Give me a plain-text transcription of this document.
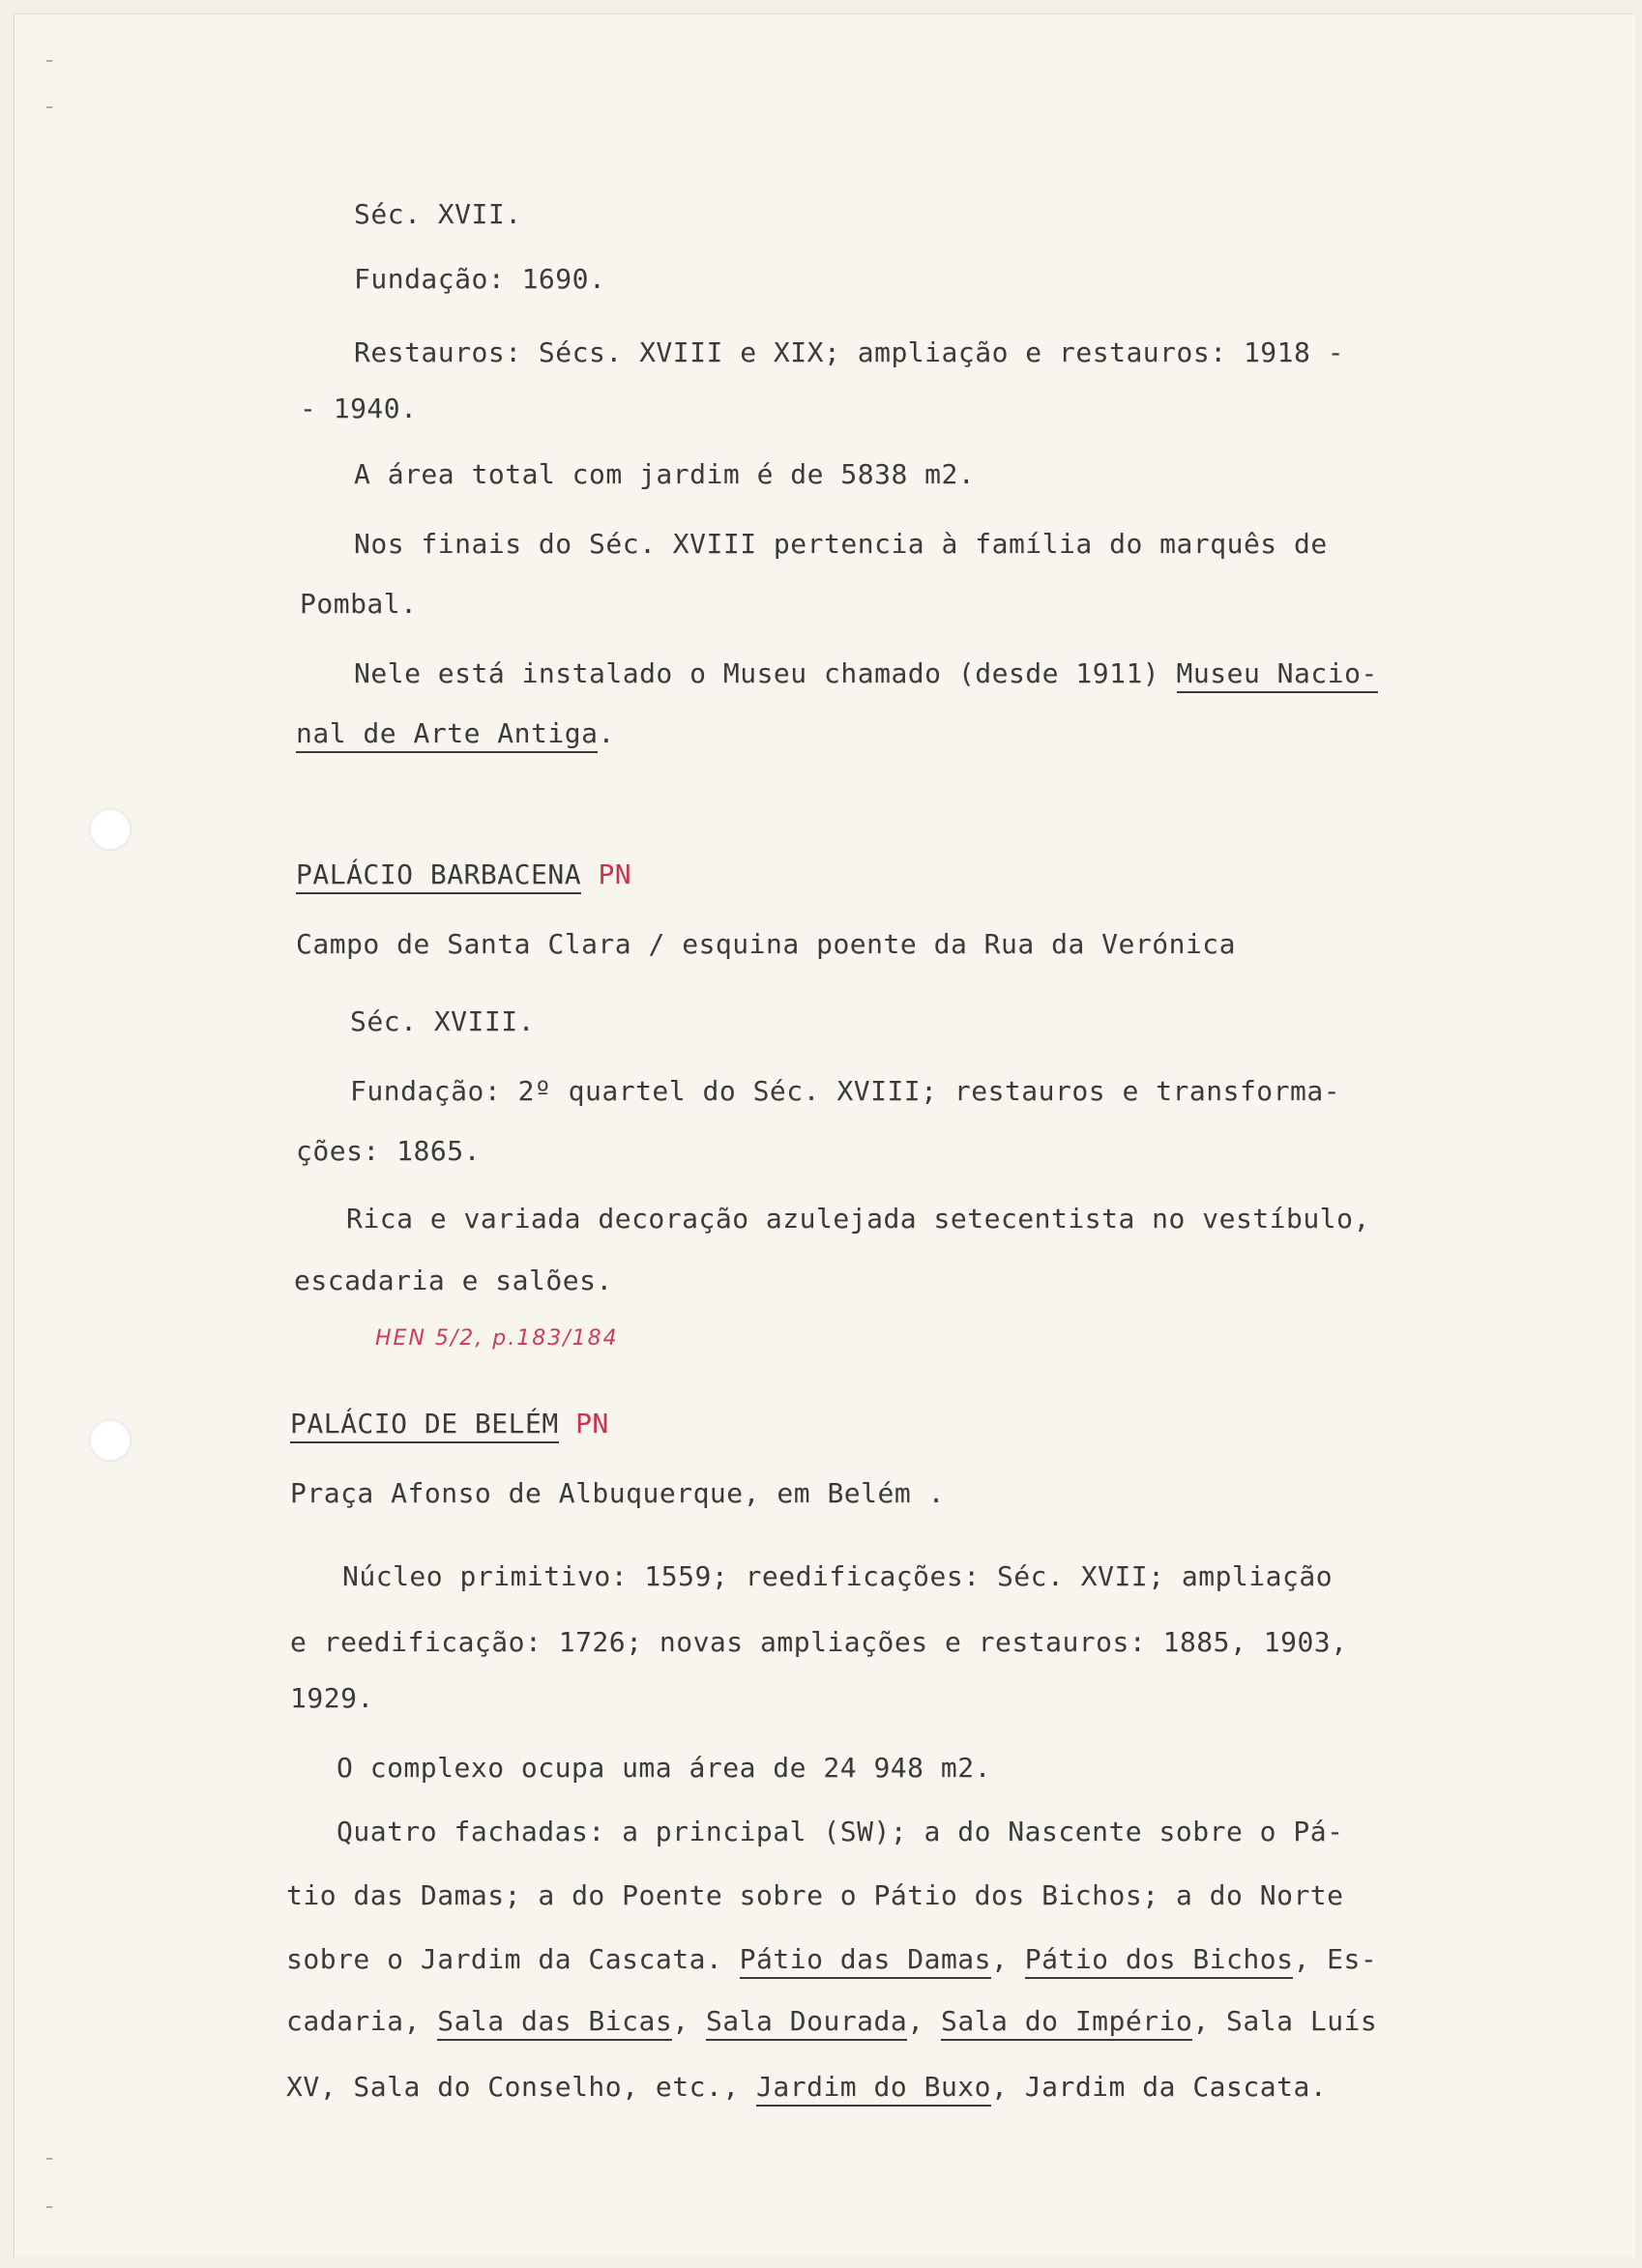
Séc. XVII.
Fundação: 1690.
Restauros: Sécs. XVIII e XIX; ampliação e restauros: 1918 -
- 1940.
A área total com jardim é de 5838 m2.
Nos finais do Séc. XVIII pertencia à família do marquês de
Pombal.
Nele está instalado o Museu chamado (desde 1911) Museu Nacio-
nal de Arte Antiga.
PALÁCIO BARBACENA PN
Campo de Santa Clara / esquina poente da Rua da Verónica
Séc. XVIII.
Fundação: 2º quartel do Séc. XVIII; restauros e transforma-
ções: 1865.
Rica e variada decoração azulejada setecentista no vestíbulo,
escadaria e salões.
HEN 5/2, p.183/184
PALÁCIO DE BELÉM PN
Praça Afonso de Albuquerque, em Belém .
Núcleo primitivo: 1559; reedificações: Séc. XVII; ampliação
e reedificação: 1726; novas ampliações e restauros: 1885, 1903,
1929.
O complexo ocupa uma área de 24 948 m2.
Quatro fachadas: a principal (SW); a do Nascente sobre o Pá-
tio das Damas; a do Poente sobre o Pátio dos Bichos; a do Norte
sobre o Jardim da Cascata. Pátio das Damas, Pátio dos Bichos, Es-
cadaria, Sala das Bicas, Sala Dourada, Sala do Império, Sala Luís
XV, Sala do Conselho, etc., Jardim do Buxo, Jardim da Cascata.
